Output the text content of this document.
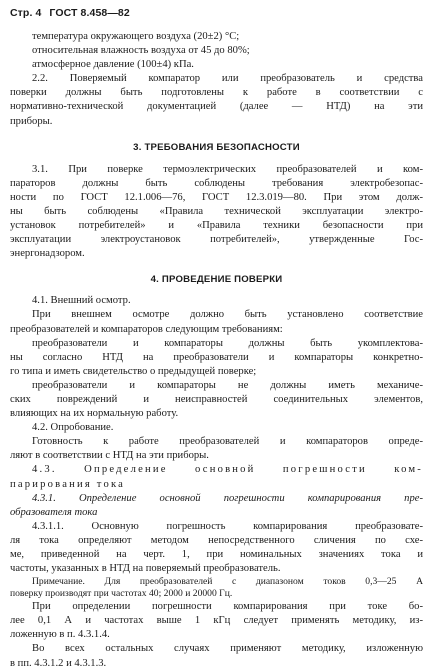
Стр. 4 ГОСТ 8.458—82
температура окружающего воздуха (20±2) °C;
относительная влажность воздуха от 45 до 80%;
атмосферное давление (100±4) кПа.
2.2. Поверяемый компаратор или преобразователь и средства
поверки должны быть подготовлены к работе в соответствии с
нормативно-технической документацией (далее — НТД) на эти
приборы.
3. ТРЕБОВАНИЯ БЕЗОПАСНОСТИ
3.1. При поверке термоэлектрических преобразователей и ком-
параторов должны быть соблюдены требования электробезопас-
ности по ГОСТ 12.1.006—76, ГОСТ 12.3.019—80. При этом долж-
ны быть соблюдены «Правила технической эксплуатации электро-
установок потребителей» и «Правила техники безопасности при
эксплуатации электроустановок потребителей», утвержденные Гос-
энергонадзором.
4. ПРОВЕДЕНИЕ ПОВЕРКИ
4.1. Внешний осмотр.
При внешнем осмотре должно быть установлено соответствие
преобразователей и компараторов следующим требованиям:
преобразователи и компараторы должны быть укомплектова-
ны согласно НТД на преобразователи и компараторы конкретно-
го типа и иметь свидетельство о предыдущей поверке;
преобразователи и компараторы не должны иметь механиче-
ских повреждений и неисправностей соединительных элементов,
влияющих на их нормальную работу.
4.2. Опробование.
Готовность к работе преобразователей и компараторов опреде-
ляют в соответствии с НТД на эти приборы.
4.3. Определение основной погрешности ком-
парирования тока
4.3.1. Определение основной погрешности компарирования пре-
образователя тока
4.3.1.1. Основную погрешность компарирования преобразовате-
ля тока определяют методом непосредственного сличения по схе-
ме, приведенной на черт. 1, при номинальных значениях тока и
частоты, указанных в НТД на поверяемый преобразователь.
Примечание. Для преобразователей с диапазоном токов 0,3—25 А
поверку производят при частотах 40; 2000 и 20000 Гц.
При определении погрешности компарирования при токе бо-
лее 0,1 А и частотах выше 1 кГц следует применять методику, из-
ложенную в п. 4.3.1.4.
Во всех остальных случаях применяют методику, изложенную
в пп. 4.3.1.2 и 4.3.1.3.
